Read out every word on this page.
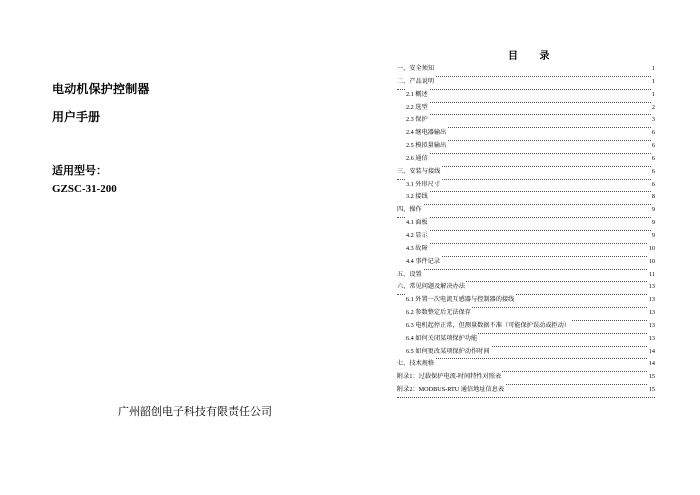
电动机保护控制器
用户手册
适用型号：
GZSC-31-200
广州韶创电子科技有限责任公司
目 录
一、安全须知	1
二、产品说明	1
2.1 概述	1
2.2 选型	2
2.3 保护	3
2.4 继电器输出	6
2.5 模拟量输出	6
2.6 通信	6
三、安装与接线	6
3.1 外形尺寸	6
3.2 接线	8
四、操作	9
4.1 面板	9
4.2 显示	9
4.3 故障	10
4.4 事件记录	10
五、设置	11
六、常见问题及解决办法	13
6.1 外置一次电流互感器与控制器的接线	13
6.2 参数整定后无法保存	13
6.3 电机起停正常，但测量数据不准（可能保护误动或拒动）	13
6.4 如何关闭某项保护功能	13
6.5 如何更改某项保护动作时间	14
七、技术规格	14
附录1：过载保护电流-时间特性对照表	15
附录2：MODBUS-RTU 通信地址信息表	15
